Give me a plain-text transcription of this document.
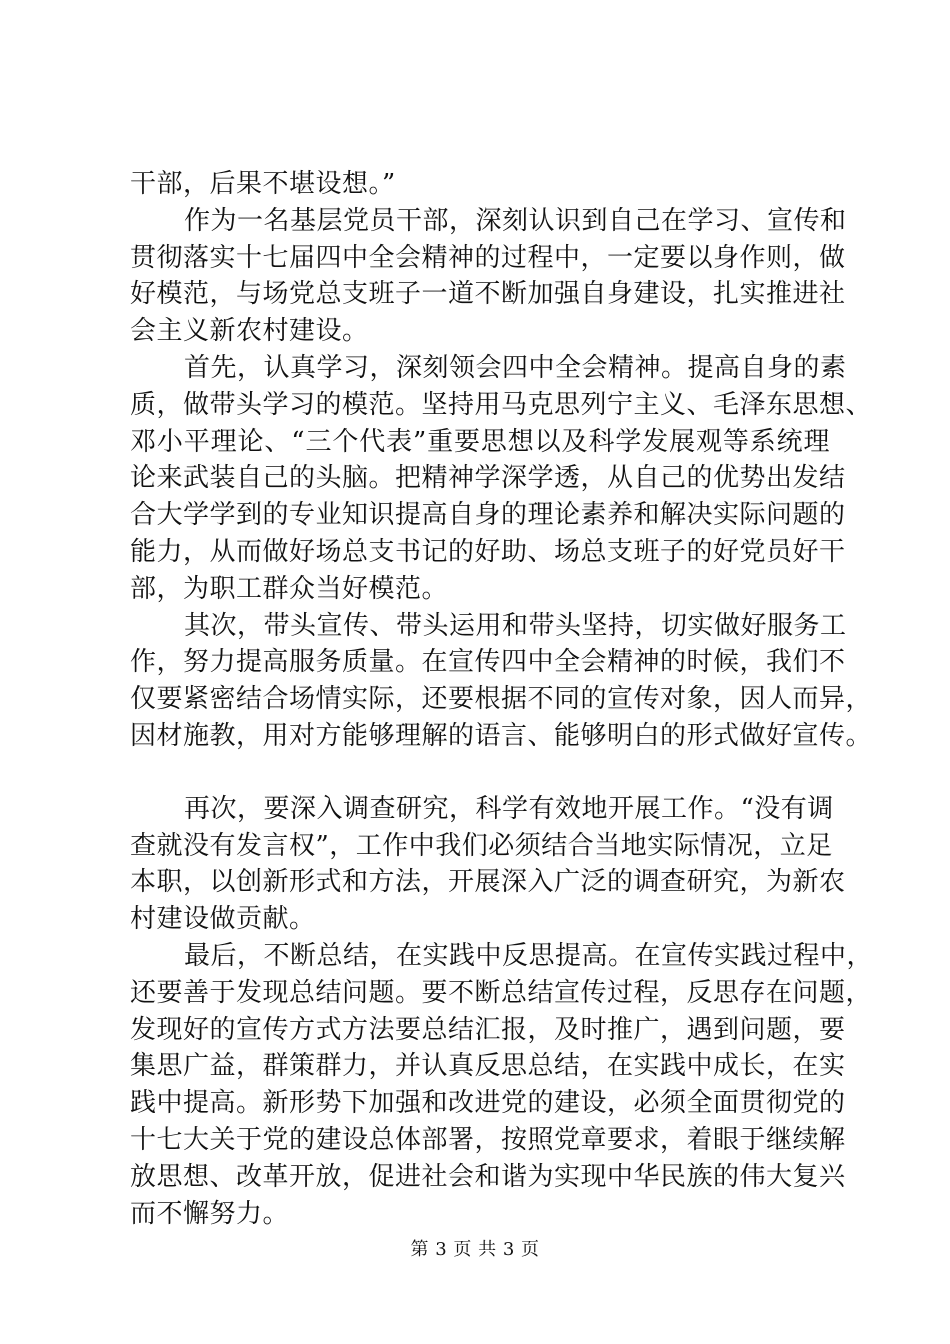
干部，后果不堪设想。”
作为一名基层党员干部，深刻认识到自己在学习、宣传和
贯彻落实十七届四中全会精神的过程中，一定要以身作则，做
好模范，与场党总支班子一道不断加强自身建设，扎实推进社
会主义新农村建设。
首先，认真学习，深刻领会四中全会精神。提高自身的素
质，做带头学习的模范。坚持用马克思列宁主义、毛泽东思想、
邓小平理论、“三个代表”重要思想以及科学发展观等系统理
论来武装自己的头脑。把精神学深学透，从自己的优势出发结
合大学学到的专业知识提高自身的理论素养和解决实际问题的
能力，从而做好场总支书记的好助、场总支班子的好党员好干
部，为职工群众当好模范。
其次，带头宣传、带头运用和带头坚持，切实做好服务工
作，努力提高服务质量。在宣传四中全会精神的时候，我们不
仅要紧密结合场情实际，还要根据不同的宣传对象，因人而异，
因材施教，用对方能够理解的语言、能够明白的形式做好宣传。
再次，要深入调查研究，科学有效地开展工作。“没有调
查就没有发言权”，工作中我们必须结合当地实际情况，立足
本职，以创新形式和方法，开展深入广泛的调查研究，为新农
村建设做贡献。
最后，不断总结，在实践中反思提高。在宣传实践过程中，
还要善于发现总结问题。要不断总结宣传过程，反思存在问题，
发现好的宣传方式方法要总结汇报，及时推广，遇到问题，要
集思广益，群策群力，并认真反思总结，在实践中成长，在实
践中提高。新形势下加强和改进党的建设，必须全面贯彻党的
十七大关于党的建设总体部署，按照党章要求，着眼于继续解
放思想、改革开放，促进社会和谐为实现中华民族的伟大复兴
而不懈努力。
第 3 页 共 3 页
